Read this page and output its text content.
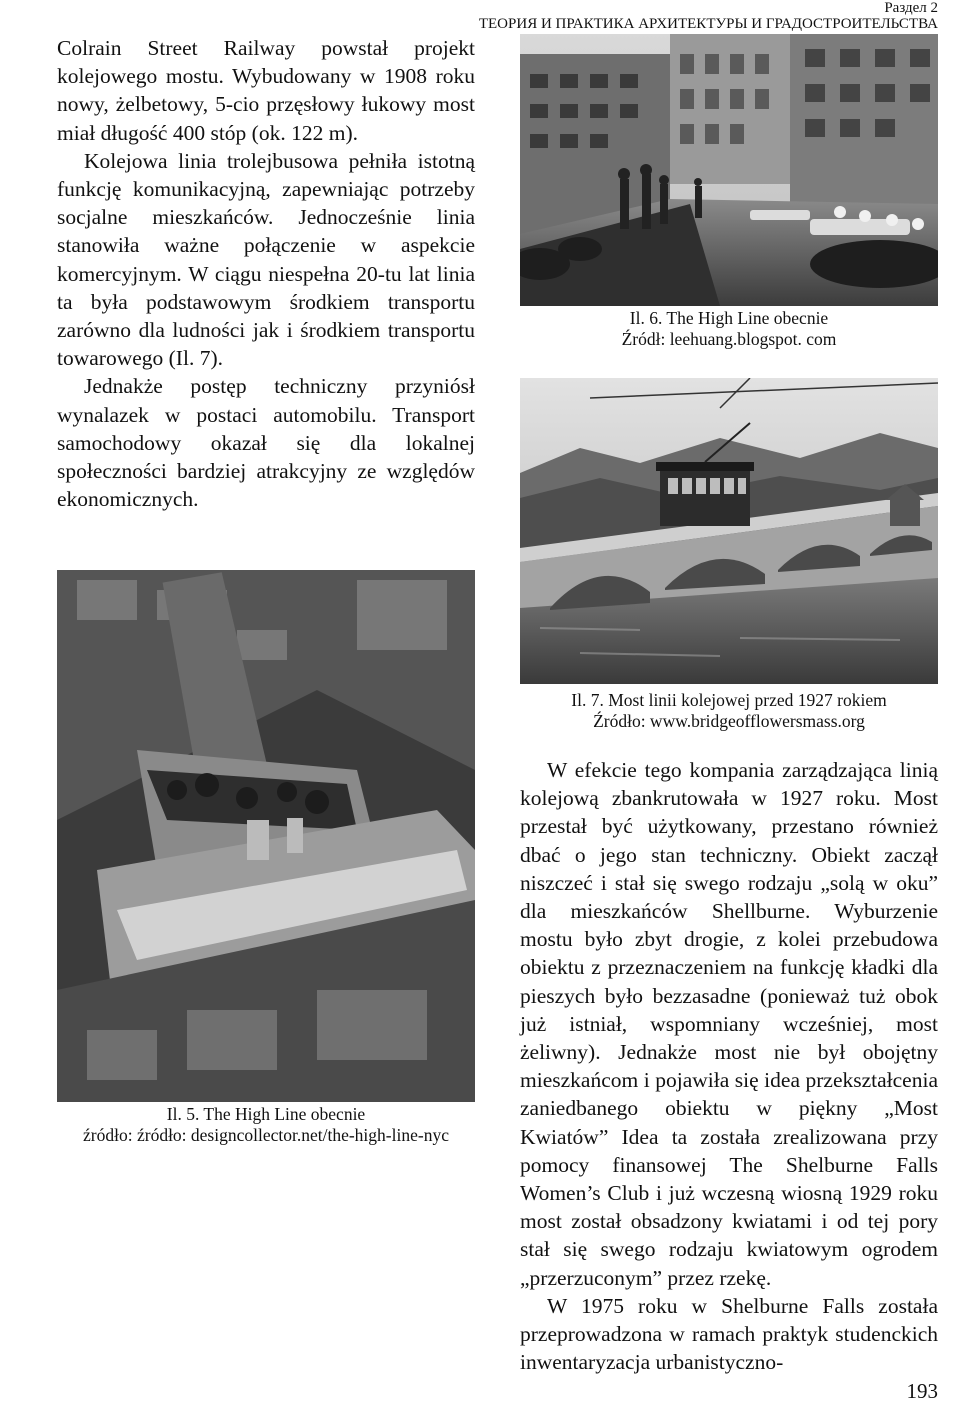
Раздел 2
ТЕОРИЯ И ПРАКТИКА АРХИТЕКТУРЫ И ГРАДОСТРОИТЕЛЬСТВА

Colrain Street Railway powstał projekt kolejowego mostu. Wybudowany w 1908 roku nowy, żelbetowy, 5-cio przęsłowy łukowy most miał długość 400 stóp (ok. 122 m).

Kolejowa linia trolejbusowa pełniła istotną funkcję komunikacyjną, zapewniając potrzeby socjalne mieszkańców. Jednocześnie linia stanowiła ważne połączenie w aspekcie komercyjnym. W ciągu niespełna 20-tu lat linia ta była podstawowym środkiem transportu zarówno dla ludności jak i środkiem transportu towarowego (Il. 7).

Jednakże postęp techniczny przyniósł wynalazek w postaci automobilu. Transport samochodowy okazał się dla lokalnej społeczności bardziej atrakcyjny ze względów ekonomicznych.

Il. 6. The High Line obecnie
Źródł: leehuang.blogspot. com
Il. 7. Most linii kolejowej przed 1927 rokiem
Źródło: www.bridgeofflowersmass.org
Il. 5. The High Line obecnie
źródło: źródło: designcollector.net/the-high-line-nyc

W efekcie tego kompania zarządzająca linią kolejową zbankrutowała w 1927 roku. Most przestał być użytkowany, przestano również dbać o jego stan techniczny. Obiekt zaczął niszczeć i stał się swego rodzaju „solą w oku” dla mieszkańców Shellburne. Wyburzenie mostu było zbyt drogie, z kolei przebudowa obiektu z przeznaczeniem na funkcję kładki dla pieszych było bezzasadne (ponieważ tuż obok już istniał, wspomniany wcześniej, most żeliwny). Jednakże most nie był obojętny mieszkańcom i pojawiła się idea przekształcenia zaniedbanego obiektu w piękny „Most Kwiatów” Idea ta została zrealizowana przy pomocy finansowej The Shelburne Falls Women’s Club i już wczesną wiosną 1929 roku most został obsadzony kwiatami i od tej pory stał się swego rodzaju kwiatowym ogrodem „przerzuconym” przez rzekę.

W 1975 roku w Shelburne Falls została przeprowadzona w ramach praktyk studenckich inwentaryzacja urbanistyczno-

193
